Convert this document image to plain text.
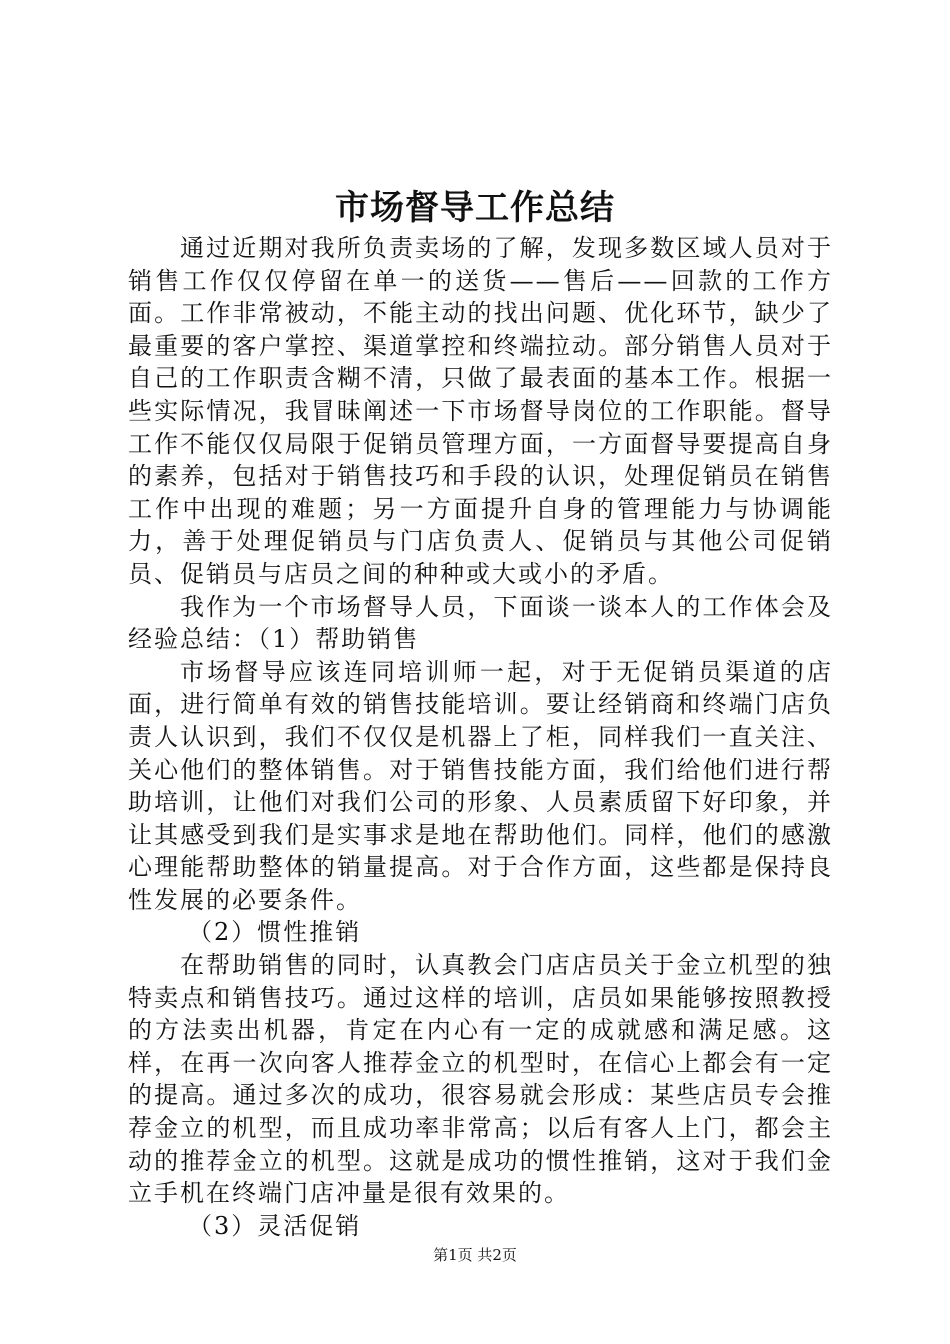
市场督导工作总结

通过近期对我所负责卖场的了解，发现多数区域人员对于销售工作仅仅停留在单一的送货——售后——回款的工作方面。工作非常被动，不能主动的找出问题、优化环节，缺少了最重要的客户掌控、渠道掌控和终端拉动。部分销售人员对于自己的工作职责含糊不清，只做了最表面的基本工作。根据一些实际情况，我冒昧阐述一下市场督导岗位的工作职能。督导工作不能仅仅局限于促销员管理方面，一方面督导要提高自身的素养，包括对于销售技巧和手段的认识，处理促销员在销售工作中出现的难题；另一方面提升自身的管理能力与协调能力，善于处理促销员与门店负责人、促销员与其他公司促销员、促销员与店员之间的种种或大或小的矛盾。

我作为一个市场督导人员，下面谈一谈本人的工作体会及经验总结：（1）帮助销售

市场督导应该连同培训师一起，对于无促销员渠道的店面，进行简单有效的销售技能培训。要让经销商和终端门店负责人认识到，我们不仅仅是机器上了柜，同样我们一直关注、关心他们的整体销售。对于销售技能方面，我们给他们进行帮助培训，让他们对我们公司的形象、人员素质留下好印象，并让其感受到我们是实事求是地在帮助他们。同样，他们的感激心理能帮助整体的销量提高。对于合作方面，这些都是保持良性发展的必要条件。

（2）惯性推销

在帮助销售的同时，认真教会门店店员关于金立机型的独特卖点和销售技巧。通过这样的培训，店员如果能够按照教授的方法卖出机器，肯定在内心有一定的成就感和满足感。这样，在再一次向客人推荐金立的机型时，在信心上都会有一定的提高。通过多次的成功，很容易就会形成：某些店员专会推荐金立的机型，而且成功率非常高；以后有客人上门，都会主动的推荐金立的机型。这就是成功的惯性推销，这对于我们金立手机在终端门店冲量是很有效果的。

（3）灵活促销

第1页 共2页
